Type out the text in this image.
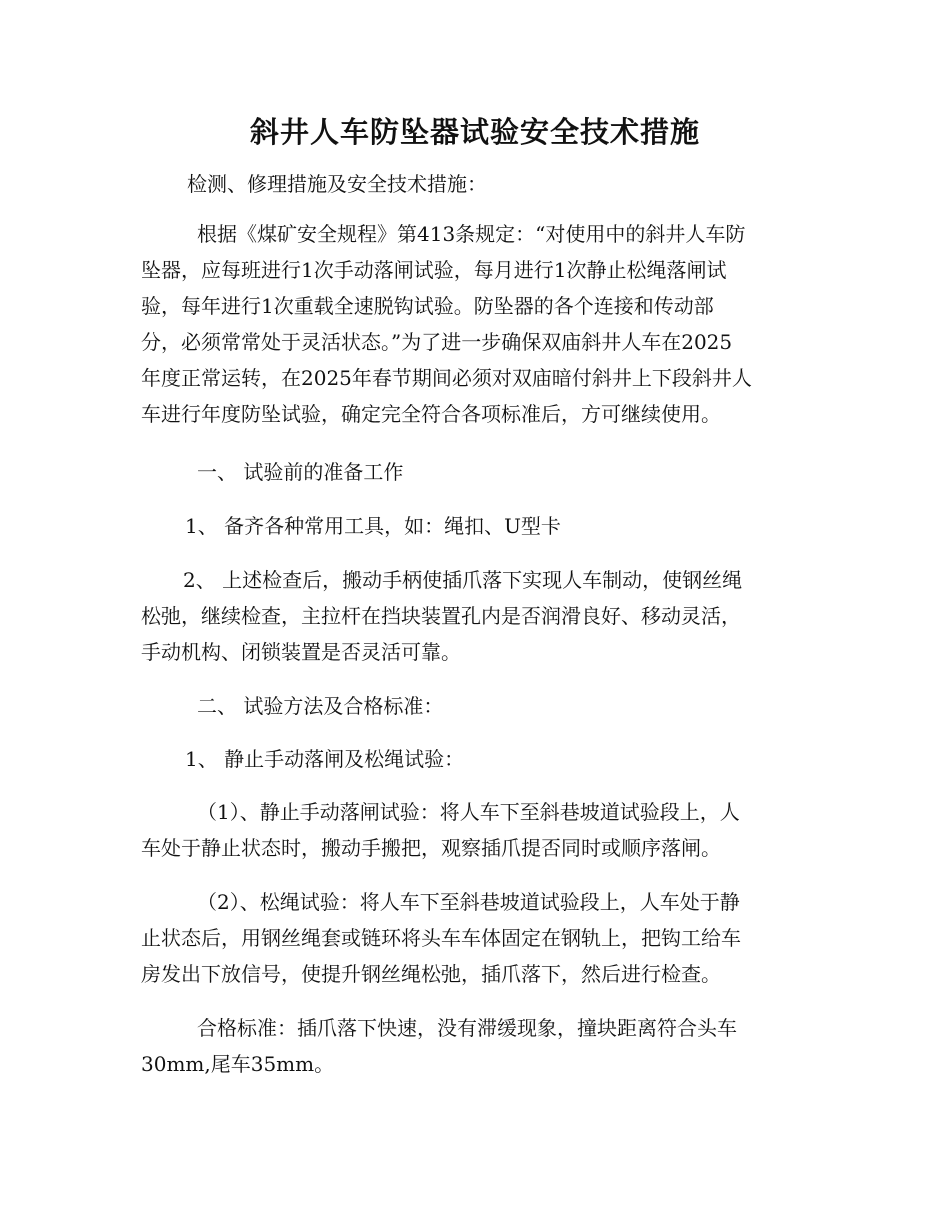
斜井人车防坠器试验安全技术措施

检测、修理措施及安全技术措施：

根据《煤矿安全规程》第413条规定：“对使用中的斜井人车防
坠器，应每班进行1次手动落闸试验，每月进行1次静止松绳落闸试
验，每年进行1次重载全速脱钩试验。防坠器的各个连接和传动部
分，必须常常处于灵活状态。”为了进一步确保双庙斜井人车在2025
年度正常运转，在2025年春节期间必须对双庙暗付斜井上下段斜井人
车进行年度防坠试验，确定完全符合各项标准后，方可继续使用。

一、 试验前的准备工作

1、 备齐各种常用工具，如：绳扣、U型卡

2、 上述检查后，搬动手柄使插爪落下实现人车制动，使钢丝绳
松弛，继续检查，主拉杆在挡块装置孔内是否润滑良好、移动灵活，
手动机构、闭锁装置是否灵活可靠。

二、 试验方法及合格标准：

1、 静止手动落闸及松绳试验：

（1）、静止手动落闸试验：将人车下至斜巷坡道试验段上，人
车处于静止状态时，搬动手搬把，观察插爪提否同时或顺序落闸。

（2）、松绳试验：将人车下至斜巷坡道试验段上，人车处于静
止状态后，用钢丝绳套或链环将头车车体固定在钢轨上，把钩工给车
房发出下放信号，使提升钢丝绳松弛，插爪落下，然后进行检查。

合格标准：插爪落下快速，没有滞缓现象，撞块距离符合头车
30mm,尾车35mm。
